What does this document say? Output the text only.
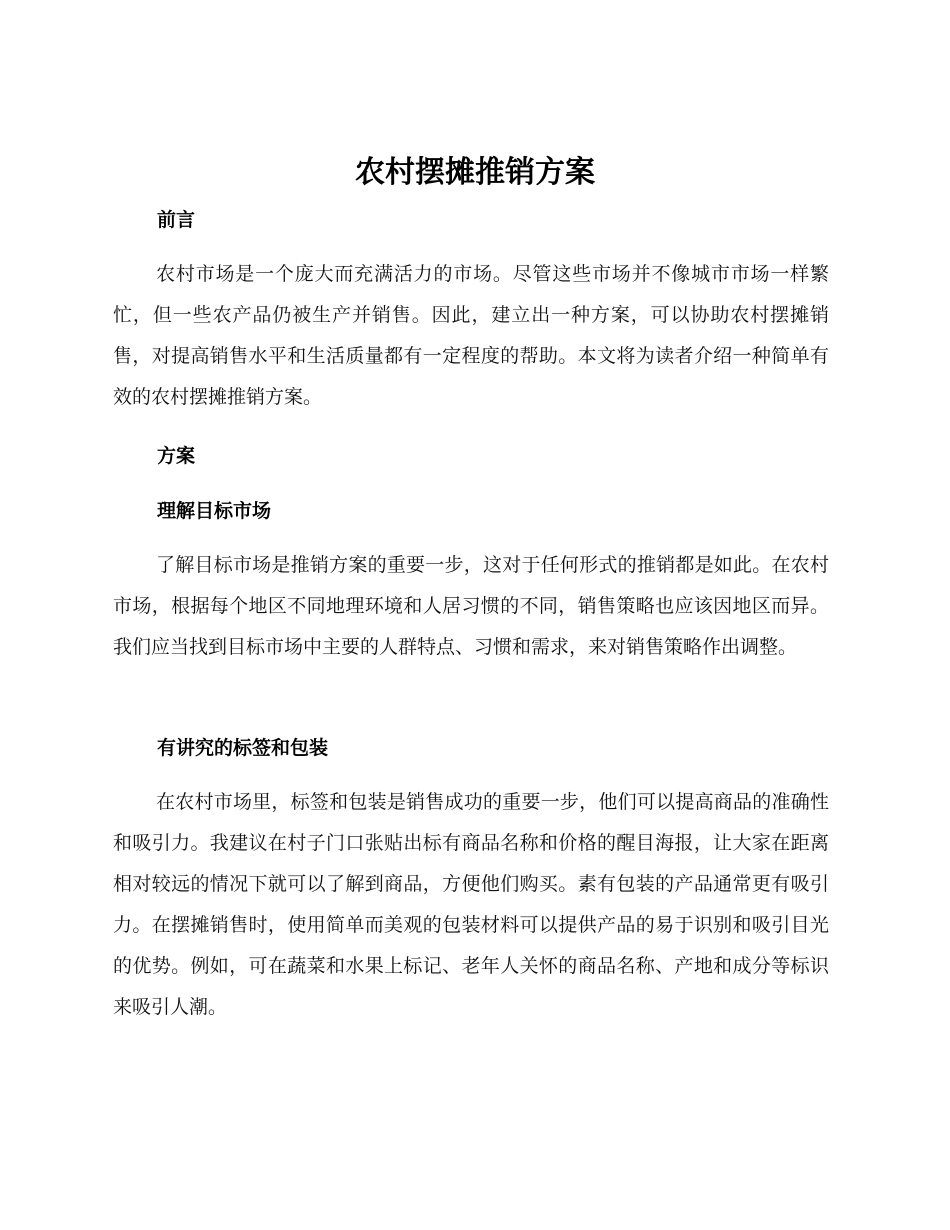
农村摆摊推销方案
前言

农村市场是一个庞大而充满活力的市场。尽管这些市场并不像城市市场一样繁忙，但一些农产品仍被生产并销售。因此，建立出一种方案，可以协助农村摆摊销售，对提高销售水平和生活质量都有一定程度的帮助。本文将为读者介绍一种简单有效的农村摆摊推销方案。

方案
理解目标市场

了解目标市场是推销方案的重要一步，这对于任何形式的推销都是如此。在农村市场，根据每个地区不同地理环境和人居习惯的不同，销售策略也应该因地区而异。 我们应当找到目标市场中主要的人群特点、习惯和需求，来对销售策略作出调整。

有讲究的标签和包装

在农村市场里，标签和包装是销售成功的重要一步，他们可以提高商品的准确性和吸引力。我建议在村子门口张贴出标有商品名称和价格的醒目海报，让大家在距离相对较远的情况下就可以了解到商品，方便他们购买。素有包装的产品通常更有吸引力。在摆摊销售时，使用简单而美观的包装材料可以提供产品的易于识别和吸引目光的优势。例如，可在蔬菜和水果上标记、老年人关怀的商品名称、产地和成分等标识来吸引人潮。
